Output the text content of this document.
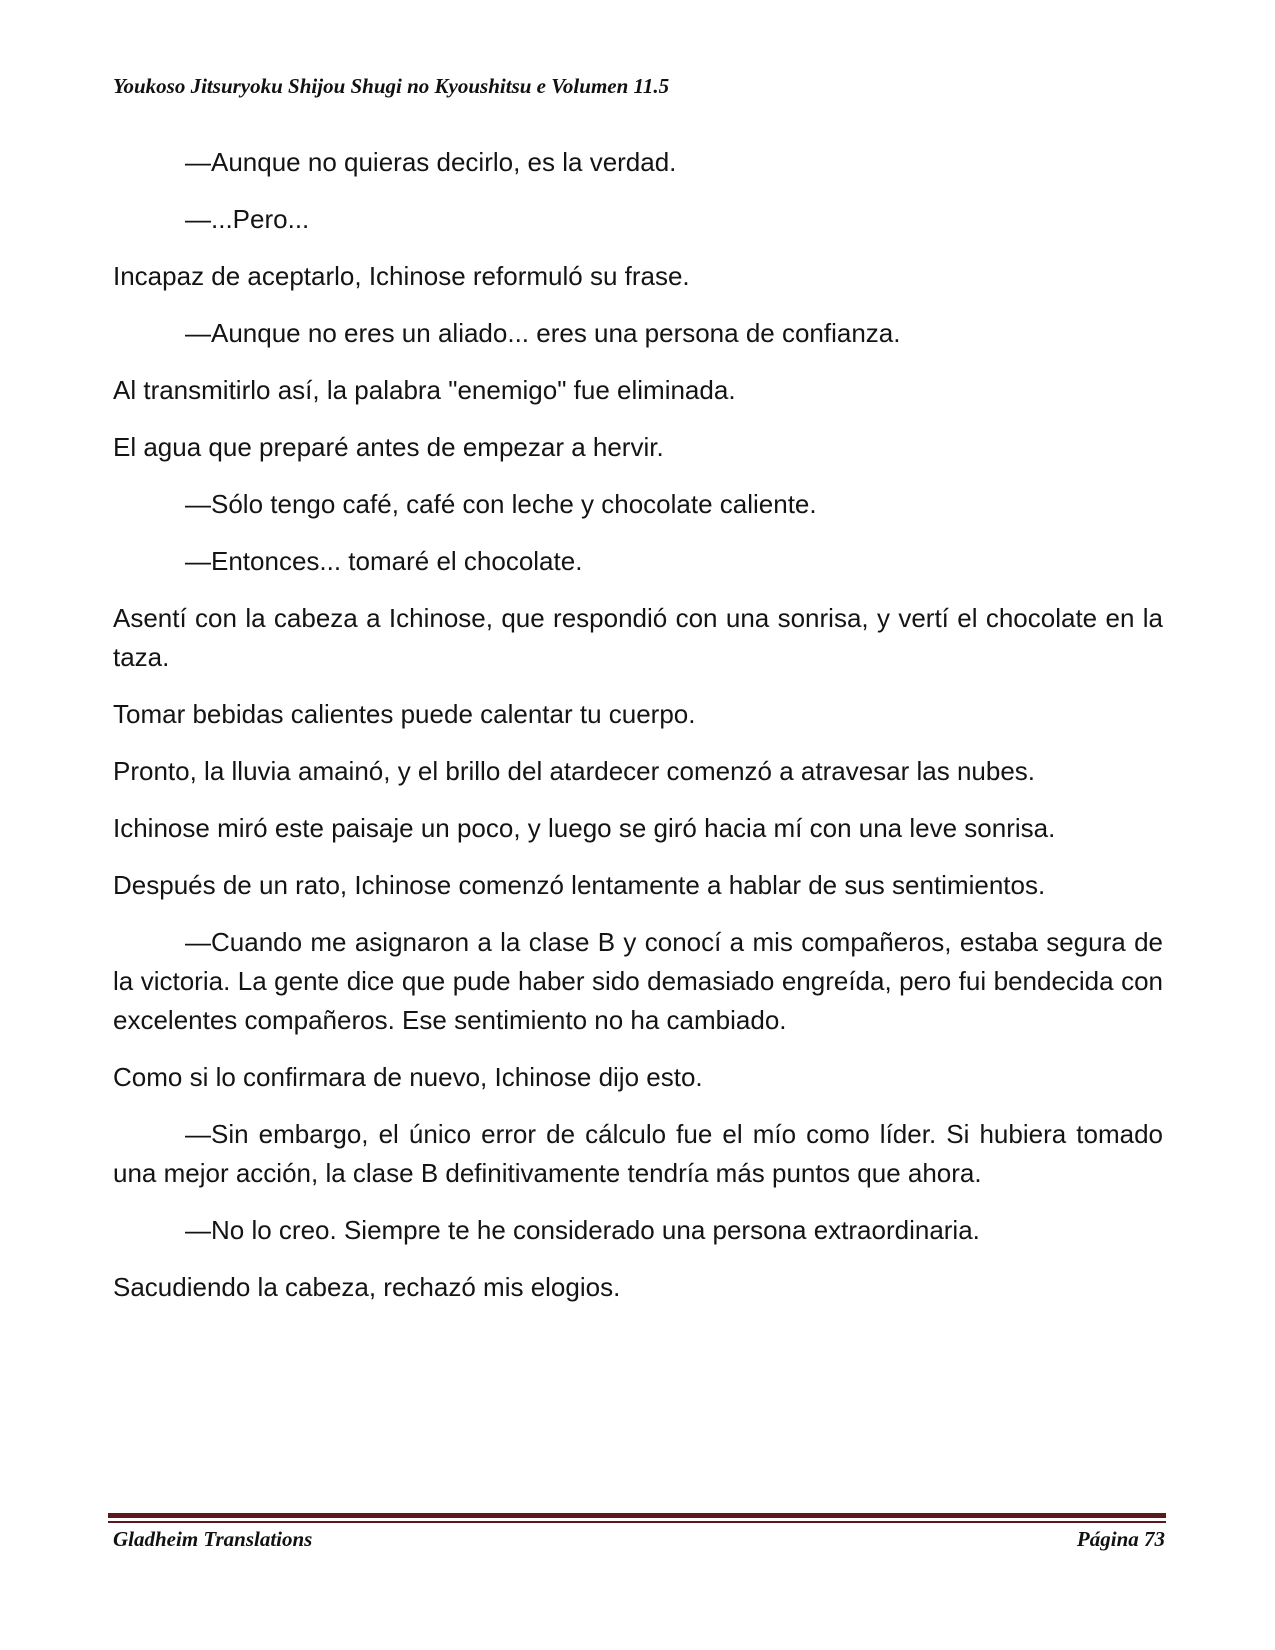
Youkoso Jitsuryoku Shijou Shugi no Kyoushitsu e Volumen 11.5

—Aunque no quieras decirlo, es la verdad.

—...Pero...

Incapaz de aceptarlo, Ichinose reformuló su frase.

—Aunque no eres un aliado... eres una persona de confianza.

Al transmitirlo así, la palabra "enemigo" fue eliminada.

El agua que preparé antes de empezar a hervir.

—Sólo tengo café, café con leche y chocolate caliente.

—Entonces... tomaré el chocolate.

Asentí con la cabeza a Ichinose, que respondió con una sonrisa, y vertí el chocolate en la taza.

Tomar bebidas calientes puede calentar tu cuerpo.

Pronto, la lluvia amainó, y el brillo del atardecer comenzó a atravesar las nubes.

Ichinose miró este paisaje un poco, y luego se giró hacia mí con una leve sonrisa.

Después de un rato, Ichinose comenzó lentamente a hablar de sus sentimientos.

—Cuando me asignaron a la clase B y conocí a mis compañeros, estaba segura de la victoria. La gente dice que pude haber sido demasiado engreída, pero fui bendecida con excelentes compañeros. Ese sentimiento no ha cambiado.

Como si lo confirmara de nuevo, Ichinose dijo esto.

—Sin embargo, el único error de cálculo fue el mío como líder. Si hubiera tomado una mejor acción, la clase B definitivamente tendría más puntos que ahora.

—No lo creo. Siempre te he considerado una persona extraordinaria.

Sacudiendo la cabeza, rechazó mis elogios.

Gladheim Translations	Página 73
